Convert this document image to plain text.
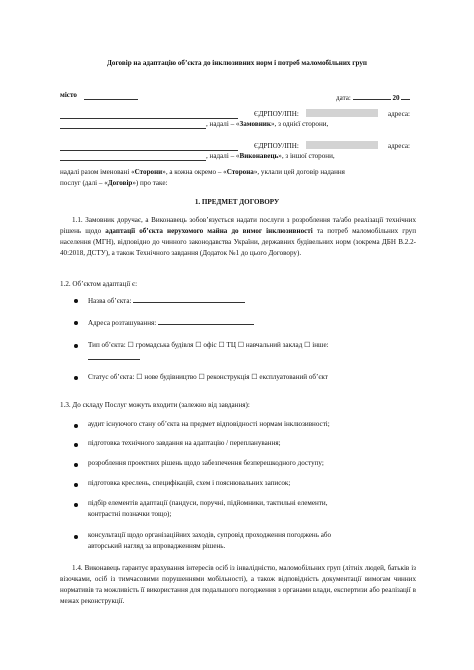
Договір на адаптацію об’єкта до інклюзивних норм і потреб маломобільних груп
місто	дата:	20
ЄДРПОУ/ІПН:	адреса:
, надалі – «Замовник», з однієї сторони,
ЄДРПОУ/ІПН:	адреса:
, надалі – «Виконавець», з іншої сторони,
надалі разом іменовані «Сторони», а кожна окремо – «Сторона», уклали цей договір надання
послуг (далі – «Договір») про таке:
1. ПРЕДМЕТ ДОГОВОРУ
1.1. Замовник доручає, а Виконавець зобов’язується надати послуги з розроблення та/або реалізації технічних рішень щодо адаптації об’єкта нерухомого майна до вимог інклюзивності та потреб маломобільних груп населення (МГН), відповідно до чинного законодавства України, державних будівельних норм (зокрема ДБН В.2.2-40:2018, ДСТУ), а також Технічного завдання (Додаток №1 до цього Договору).
1.2. Об’єктом адаптації є:
Назва об’єкта:
Адреса розташування:
Тип об’єкта: ☐ громадська будівля ☐ офіс ☐ ТЦ ☐ навчальний заклад ☐ інше:
Статус об’єкта: ☐ нове будівництво ☐ реконструкція ☐ експлуатований об’єкт
1.3. До складу Послуг можуть входити (залежно від завдання):
аудит існуючого стану об’єкта на предмет відповідності нормам інклюзивності;
підготовка технічного завдання на адаптацію / перепланування;
розроблення проектних рішень щодо забезпечення безперешкодного доступу;
підготовка креслень, специфікацій, схем і пояснювальних записок;
підбір елементів адаптації (пандуси, поручні, підйомники, тактильні елементи,
контрастні позначки тощо);
консультації щодо організаційних заходів, супровід проходження погоджень або
авторський нагляд за впровадженням рішень.
1.4. Виконавець гарантує врахування інтересів осіб із інвалідністю, маломобільних груп (літніх людей, батьків із візочками, осіб із тимчасовими порушеннями мобільності), а також відповідність документації вимогам чинних нормативів та можливість її використання для подальшого погодження з органами влади, експертизи або реалізації в межах реконструкції.
